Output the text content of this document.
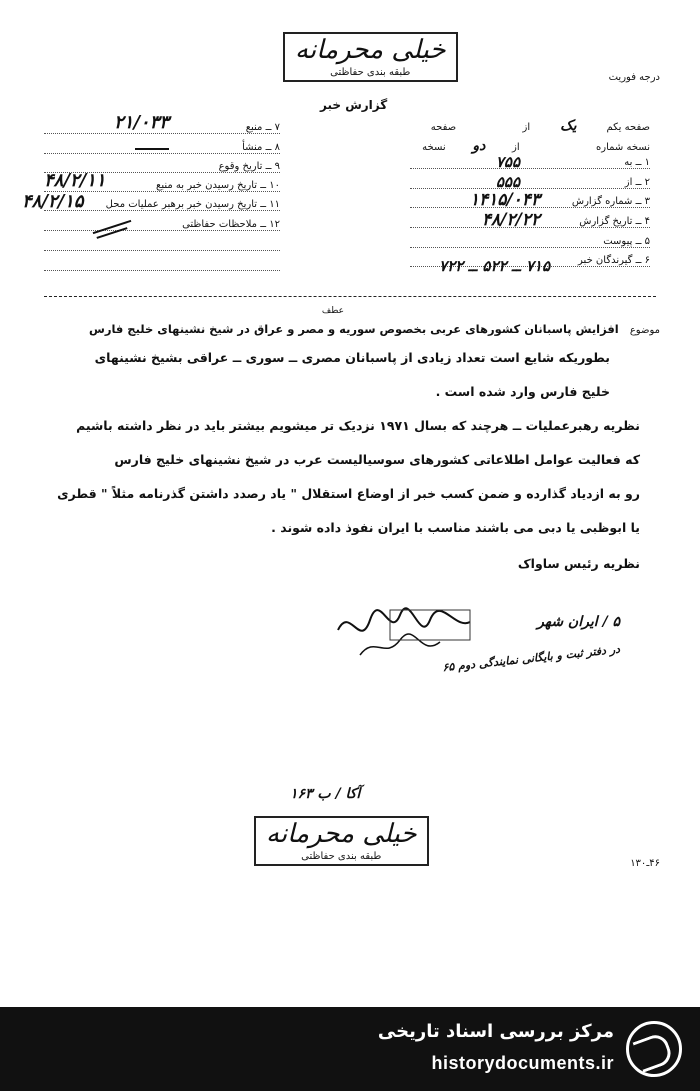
خیلی محرمانه
طبقه بندی حفاظتی	درجه فوریت
گزارش خبر
صفحه یکم یک از  صفحه
نسخه شماره  از دو نسخه
۱ ــ به
۷۵۵
۲ ــ از
۵۵۵
۳ ــ شماره گزارش
۱۴۱۵/۰۴۳
۴ ــ تاریخ گزارش
۴۸/۲/۲۲
۵ ــ پیوست
۶ ــ گیرندگان خبر
۷۱۵ ــ ۵۲۲ ــ ۷۲۲
۷ ــ منبع
۲۱/۰۳۳
۸ ــ منشأ
۹ ــ تاریخ وقوع
۱۰ ــ تاریخ رسیدن خبر به منبع
۴۸/۲/۱۱
۱۱ ــ تاریخ رسیدن خبر برهبر عملیات محل
۴۸/۲/۱۵
۱۲ ــ ملاحظات حفاظتی
عطف
موضوع افزایش پاسبانان کشورهای عربی بخصوص سوریه و مصر و عراق در شیخ نشینهای خلیج فارس
بطوریکه شایع است تعداد زیادی از پاسبانان مصری ــ سوری ــ عراقی بشیخ نشینهای
خلیج فارس وارد شده است .
نظریه رهبرعملیات ــ هرچند که بسال ۱۹۷۱ نزدیک تر میشویم بیشتر باید در نظر داشته باشیم
که فعالیت عوامل اطلاعاتی کشورهای سوسیالیست عرب در شیخ نشینهای خلیج فارس
رو به ازدیاد گذارده و ضمن کسب خبر از اوضاع استقلال " یاد رصدد داشتن گذرنامه مثلاً " قطری
یا ابوظبی یا دبی می باشند مناسب با ایران نفوذ داده شوند .
نظریه رئیس ساواک
۵ / ایران شهر
در دفتر ثبت و بایگانی نمایندگی دوم ۶۵
آکا / ب ۱۶۳
خیلی محرمانه
طبقه بندی حفاظتی
۴۶ـ۱۳۰
مرکز بررسی اسناد تاریخی
historydocuments.ir
